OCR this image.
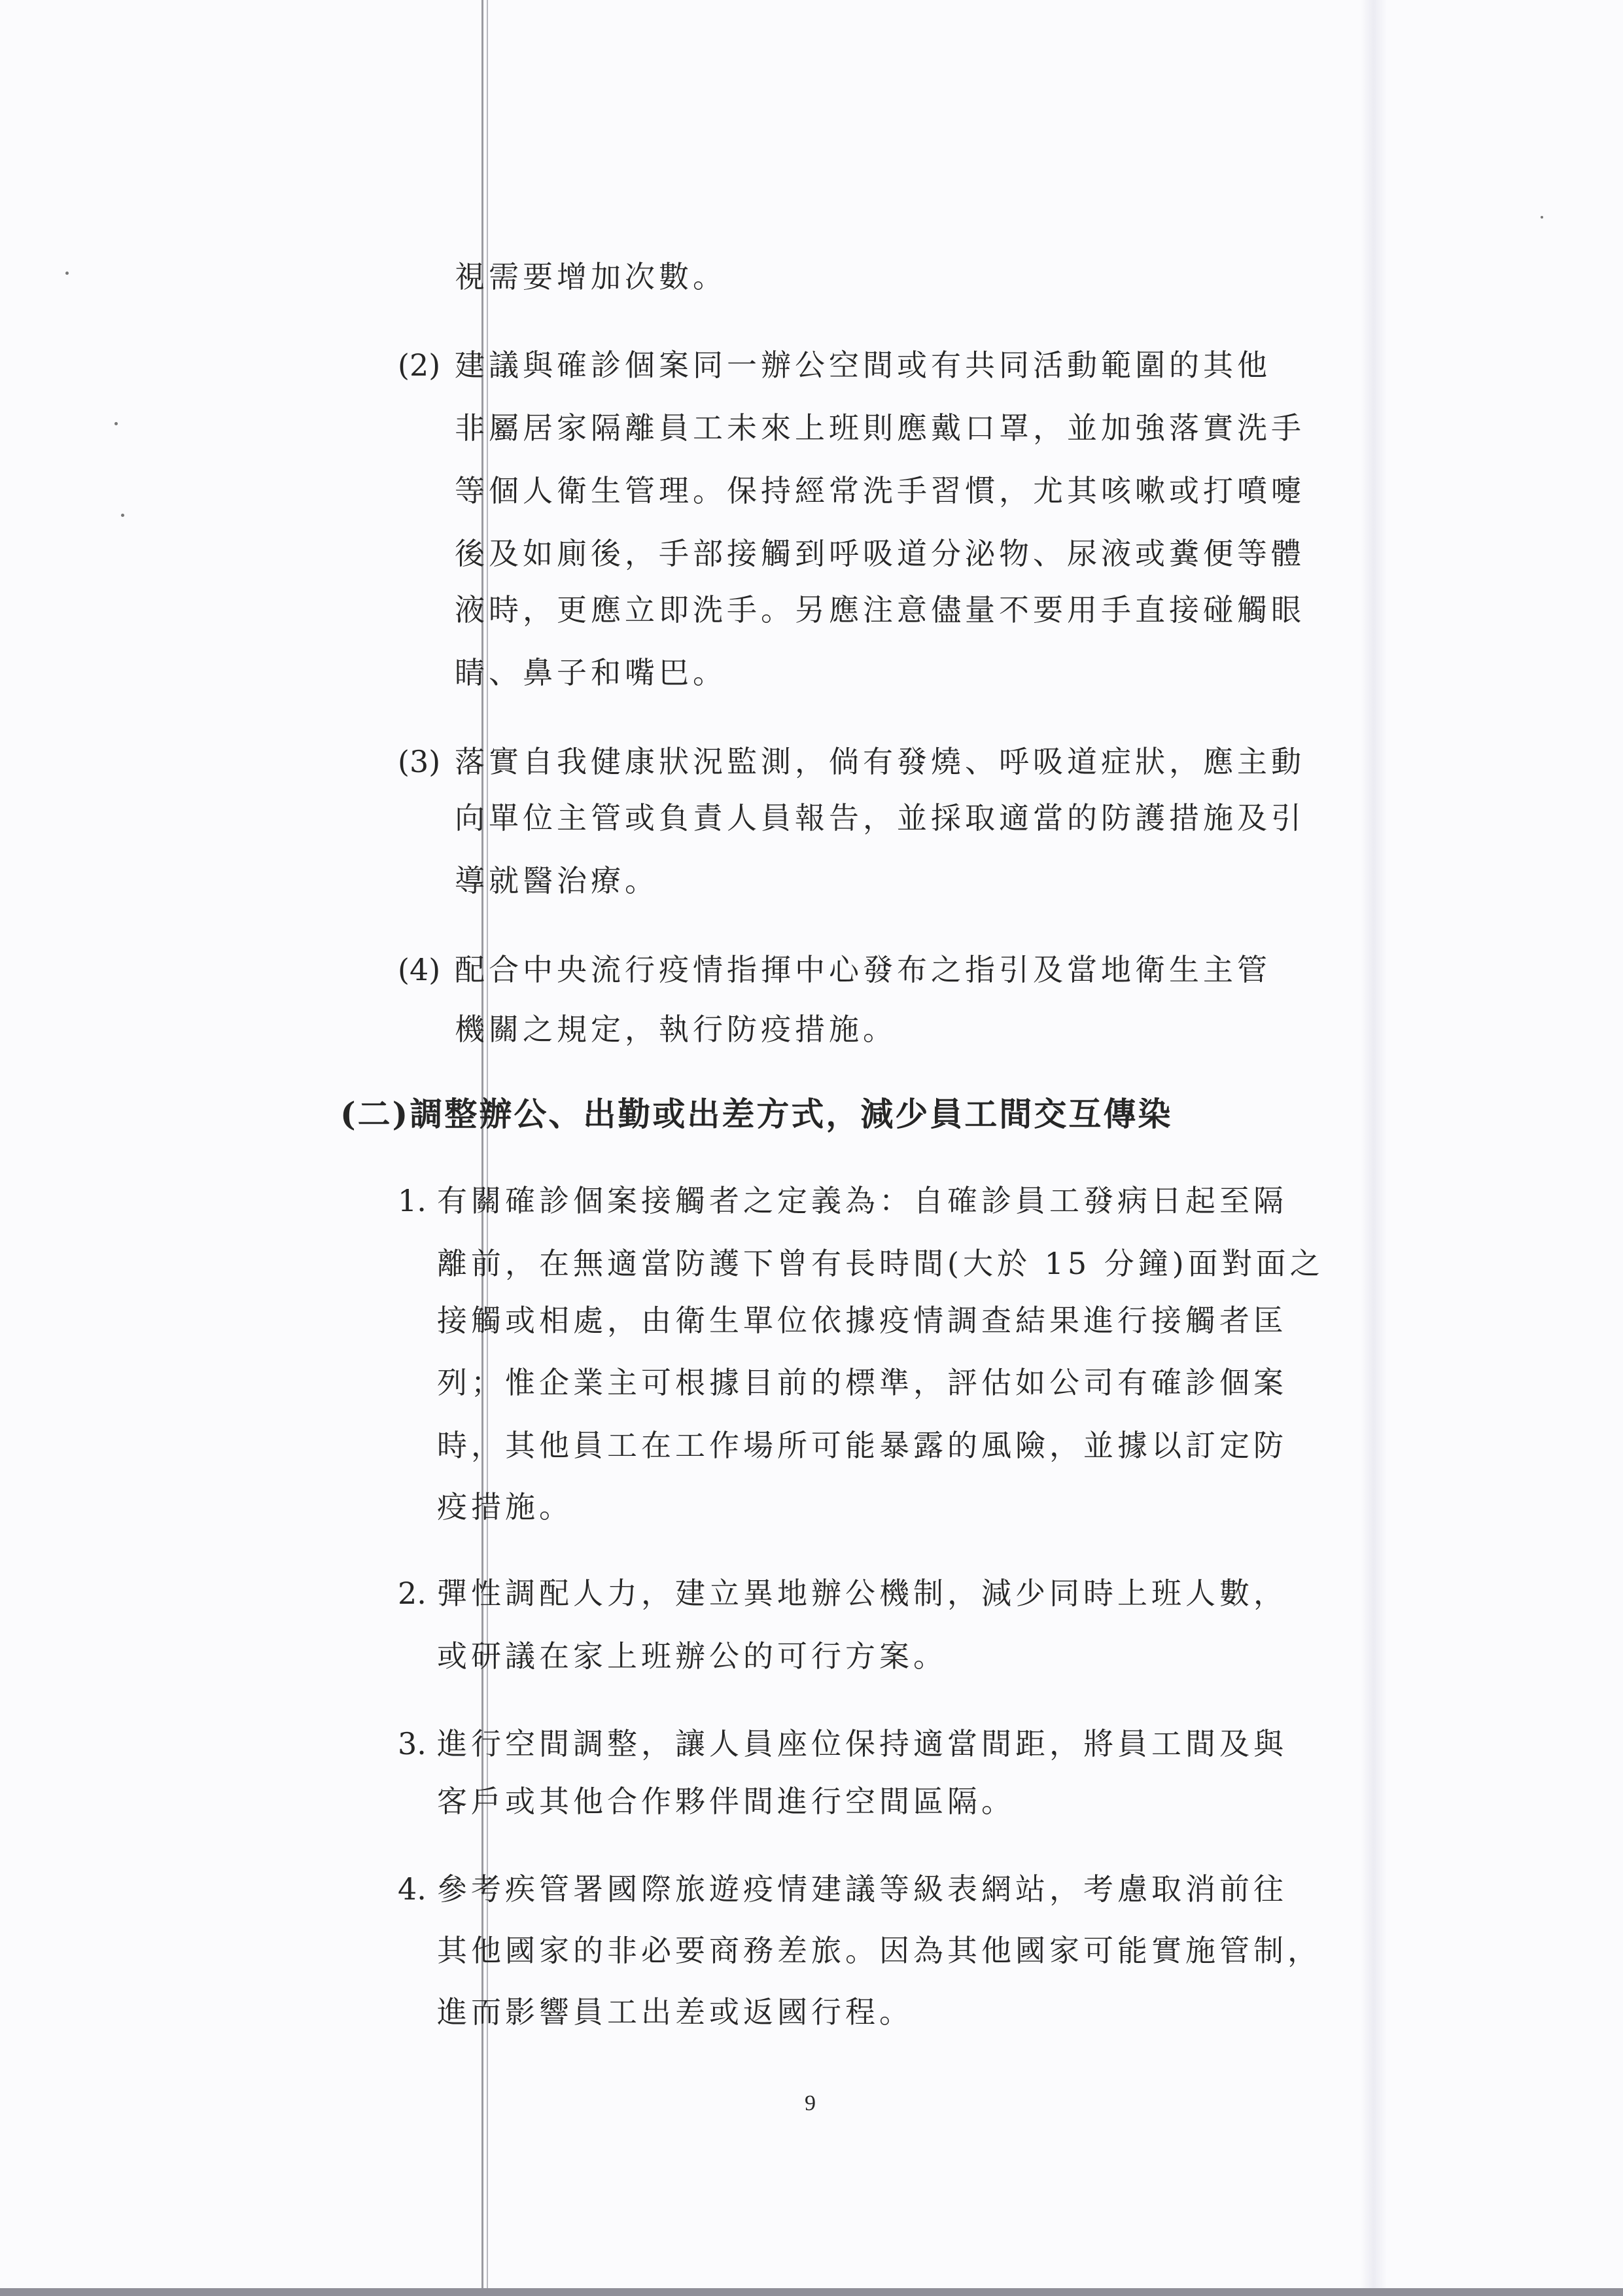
視需要增加次數。
(2) 建議與確診個案同一辦公空間或有共同活動範圍的其他
非屬居家隔離員工未來上班則應戴口罩，並加強落實洗手
等個人衛生管理。保持經常洗手習慣，尤其咳嗽或打噴嚏
後及如廁後，手部接觸到呼吸道分泌物、尿液或糞便等體
液時，更應立即洗手。另應注意儘量不要用手直接碰觸眼
睛、鼻子和嘴巴。
(3) 落實自我健康狀況監測，倘有發燒、呼吸道症狀，應主動
向單位主管或負責人員報告，並採取適當的防護措施及引
導就醫治療。
(4) 配合中央流行疫情指揮中心發布之指引及當地衛生主管
機關之規定，執行防疫措施。
(二)調整辦公、出勤或出差方式，減少員工間交互傳染
1. 有關確診個案接觸者之定義為：自確診員工發病日起至隔
離前，在無適當防護下曾有長時間(大於 15 分鐘)面對面之
接觸或相處，由衛生單位依據疫情調查結果進行接觸者匡
列；惟企業主可根據目前的標準，評估如公司有確診個案
時，其他員工在工作場所可能暴露的風險，並據以訂定防
疫措施。
2. 彈性調配人力，建立異地辦公機制，減少同時上班人數，
或研議在家上班辦公的可行方案。
3. 進行空間調整，讓人員座位保持適當間距，將員工間及與
客戶或其他合作夥伴間進行空間區隔。
4. 參考疾管署國際旅遊疫情建議等級表網站，考慮取消前往
其他國家的非必要商務差旅。因為其他國家可能實施管制，
進而影響員工出差或返國行程。
9
